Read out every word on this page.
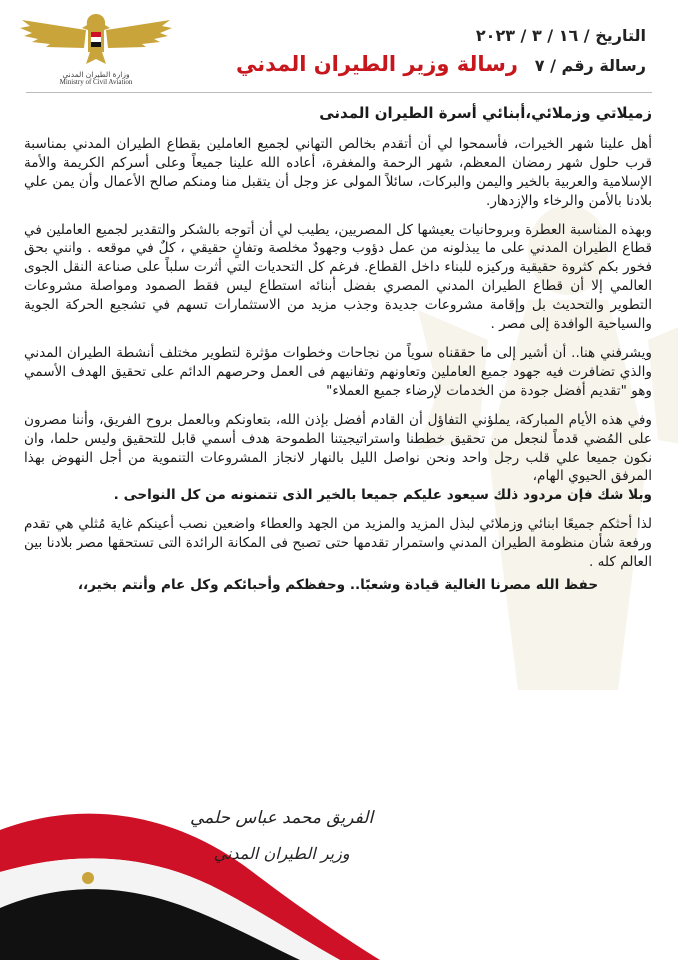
وزارة الطيران المدني
Ministry of Civil Aviation
التاريخ / ١٦ / ٣ / ٢٠٢٣
رسالة رقم / ٧
رسالة وزير الطيران المدني

زميلاتي وزملائي،أبنائي أسرة الطيران المدنى

أهل علينا شهر الخيرات، فأسمحوا لي أن أتقدم بخالص التهاني لجميع العاملين بقطاع الطيران المدني بمناسبة قرب حلول شهر رمضان المعظم، شهر الرحمة والمغفرة، أعاده الله علينا جميعاً وعلى أسركم الكريمة والأمة الإسلامية والعربية بالخير واليمن والبركات، سائلاً المولى عز وجل أن يتقبل منا ومنكم صالح الأعمال وأن يمن علي بلادنا بالأمن والرخاء والإزدهار.

وبهذه المناسبة العطرة وبروحانيات يعيشها كل المصريين، يطيب لي أن أتوجه بالشكر والتقدير لجميع العاملين في قطاع الطيران المدني على ما يبذلونه من عمل دؤوب وجهودٌ مخلصة وتفانٍ حقيقي ، كلٌ في موقعه . وانني بحق فخور بكم كثروة حقيقية وركيزه للبناء داخل القطاع. فرغم كل التحديات التي أثرت سلباً على صناعة النقل الجوى العالمي إلا أن قطاع الطيران المدني المصري بفضل أبنائه استطاع ليس فقط الصمود ومواصلة مشروعات التطوير والتحديث بل وإقامة مشروعات جديدة وجذب مزيد من الاستثمارات تسهم في تشجيع الحركة الجوية والسياحية الوافدة إلى مصر .

ويشرفني هنا.. أن أشير إلى ما حققناه سوياً من نجاحات وخطوات مؤثرة لتطوير مختلف أنشطة الطيران المدني والذي تضافرت فيه جهود جميع العاملين وتعاونهم وتفانيهم فى العمل وحرصهم الدائم على تحقيق الهدف الأسمي وهو "تقديم أفضل جودة من الخدمات لإرضاء جميع العملاء"

وفي هذه الأيام المباركة، يملؤني التفاؤل أن القادم أفضل بإذن الله، بتعاونكم وبالعمل بروح الفريق، وأننا مصرون على المُضي قدماً لنجعل من تحقيق خططنا واستراتيجيتنا الطموحة هدف أسمي قابل للتحقيق وليس حلما، وان نكون جميعا علي قلب رجل واحد ونحن نواصل الليل بالنهار لانجاز المشروعات التنموية من أجل النهوض بهذا المرفق الحيوي الهام،

وبلا شك فإن مردود ذلك سيعود عليكم جميعا بالخير الذى تتمنونه من كل النواحى .

لذا أحثكم جميعًا ابنائي وزملائي لبذل المزيد والمزيد من الجهد والعطاء واضعين نصب أعينكم غاية مُثلي هي تقدم ورفعة شأن منظومة الطيران المدني واستمرار تقدمها حتى تصبح فى المكانة الرائدة التى تستحقها مصر بلادنا بين العالم كله .

حفظ الله مصرنا الغالية قيادة وشعبًا.. وحفظكم وأحبائكم وكل عام وأنتم بخير،،

الفريق محمد عباس حلمي
وزير الطيران المدني
